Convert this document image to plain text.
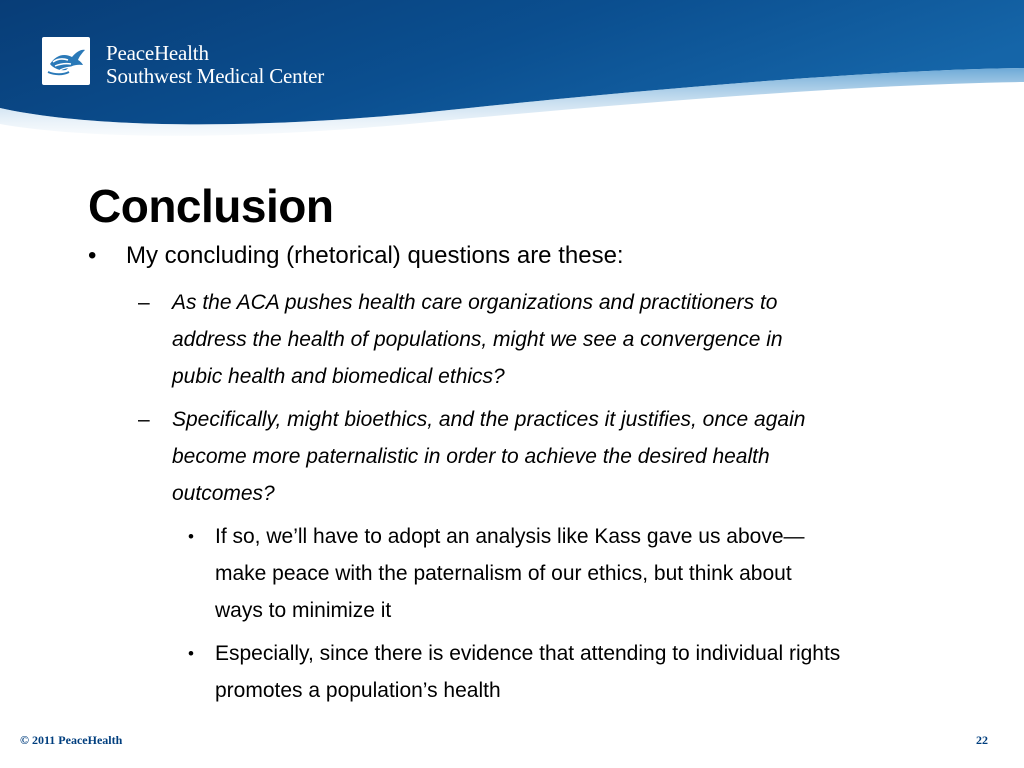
PeaceHealth
Southwest Medical Center
Conclusion
• My concluding (rhetorical) questions are these:
– As the ACA pushes health care organizations and practitioners to
address the health of populations, might we see a convergence in
pubic health and biomedical ethics?
– Specifically, might bioethics, and the practices it justifies, once again
become more paternalistic in order to achieve the desired health
outcomes?
• If so, we’ll have to adopt an analysis like Kass gave us above—
make peace with the paternalism of our ethics, but think about
ways to minimize it
• Especially, since there is evidence that attending to individual rights
promotes a population’s health
© 2011 PeaceHealth	22
